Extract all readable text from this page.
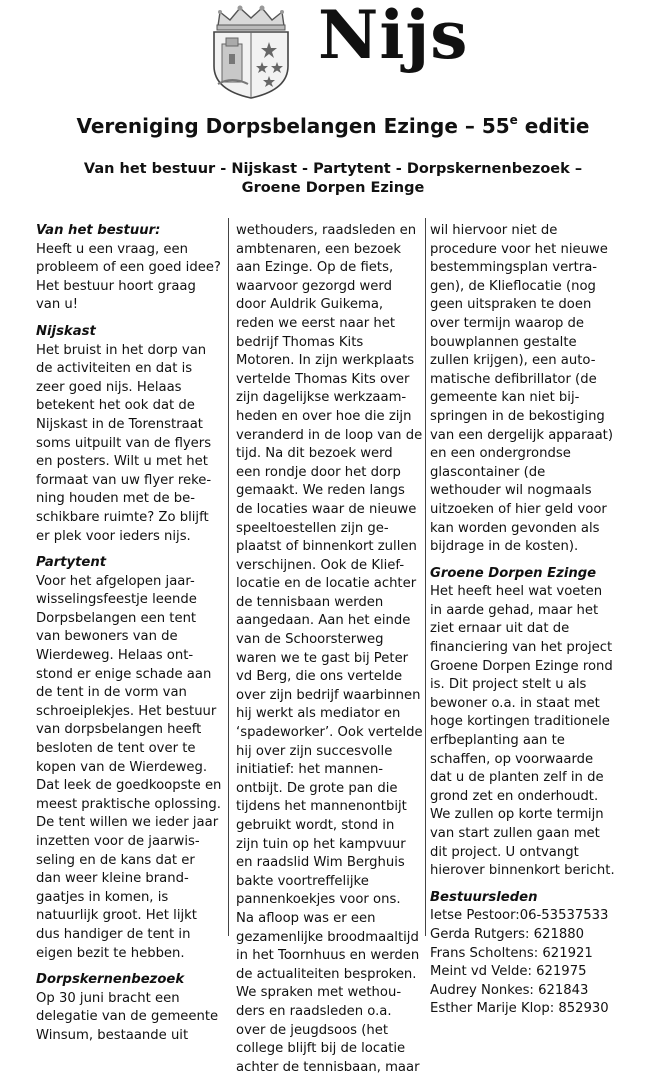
Nijs
Vereniging Dorpsbelangen Ezinge – 55e editie
Van het bestuur - Nijskast - Partytent - Dorpskernenbezoek –
Groene Dorpen Ezinge
Van het bestuur:
Heeft u een vraag, een
probleem of een goed idee?
Het bestuur hoort graag
van u!
Nijskast
Het bruist in het dorp van
de activiteiten en dat is
zeer goed nijs. Helaas
betekent het ook dat de
Nijskast in de Torenstraat
soms uitpuilt van de flyers
en posters. Wilt u met het
formaat van uw flyer reke-
ning houden met de be-
schikbare ruimte? Zo blijft
er plek voor ieders nijs.
Partytent
Voor het afgelopen jaar-
wisselingsfeestje leende
Dorpsbelangen een tent
van bewoners van de
Wierdeweg. Helaas ont-
stond er enige schade aan
de tent in de vorm van
schroeiplekjes. Het bestuur
van dorpsbelangen heeft
besloten de tent over te
kopen van de Wierdeweg.
Dat leek de goedkoopste en
meest praktische oplossing.
De tent willen we ieder jaar
inzetten voor de jaarwis-
seling en de kans dat er
dan weer kleine brand-
gaatjes in komen, is
natuurlijk groot. Het lijkt
dus handiger de tent in
eigen bezit te hebben.
Dorpskernenbezoek
Op 30 juni bracht een
delegatie van de gemeente
Winsum, bestaande uit
wethouders, raadsleden en
ambtenaren, een bezoek
aan Ezinge. Op de fiets,
waarvoor gezorgd werd
door Auldrik Guikema,
reden we eerst naar het
bedrijf Thomas Kits
Motoren. In zijn werkplaats
vertelde Thomas Kits over
zijn dagelijkse werkzaam-
heden en over hoe die zijn
veranderd in de loop van de
tijd. Na dit bezoek werd
een rondje door het dorp
gemaakt. We reden langs
de locaties waar de nieuwe
speeltoestellen zijn ge-
plaatst of binnenkort zullen
verschijnen. Ook de Klief-
locatie en de locatie achter
de tennisbaan werden
aangedaan. Aan het einde
van de Schoorsterweg
waren we te gast bij Peter
vd Berg, die ons vertelde
over zijn bedrijf waarbinnen
hij werkt als mediator en
‘spadeworker’. Ook vertelde
hij over zijn succesvolle
initiatief: het mannen-
ontbijt. De grote pan die
tijdens het mannenontbijt
gebruikt wordt, stond in
zijn tuin op het kampvuur
en raadslid Wim Berghuis
bakte voortreffelijke
pannenkoekjes voor ons.
Na afloop was er een
gezamenlijke broodmaaltijd
in het Toornhuus en werden
de actualiteiten besproken.
We spraken met wethou-
ders en raadsleden o.a.
over de jeugdsoos (het
college blijft bij de locatie
achter de tennisbaan, maar
wil hiervoor niet de
procedure voor het nieuwe
bestemmingsplan vertra-
gen), de Klieflocatie (nog
geen uitspraken te doen
over termijn waarop de
bouwplannen gestalte
zullen krijgen), een auto-
matische defibrillator (de
gemeente kan niet bij-
springen in de bekostiging
van een dergelijk apparaat)
en een ondergrondse
glascontainer (de
wethouder wil nogmaals
uitzoeken of hier geld voor
kan worden gevonden als
bijdrage in de kosten).
Groene Dorpen Ezinge
Het heeft heel wat voeten
in aarde gehad, maar het
ziet ernaar uit dat de
financiering van het project
Groene Dorpen Ezinge rond
is. Dit project stelt u als
bewoner o.a. in staat met
hoge kortingen traditionele
erfbeplanting aan te
schaffen, op voorwaarde
dat u de planten zelf in de
grond zet en onderhoudt.
We zullen op korte termijn
van start zullen gaan met
dit project. U ontvangt
hierover binnenkort bericht.
Bestuursleden
Ietse Pestoor:06-53537533
Gerda Rutgers: 621880
Frans Scholtens: 621921
Meint vd Velde: 621975
Audrey Nonkes: 621843
Esther Marije Klop: 852930
